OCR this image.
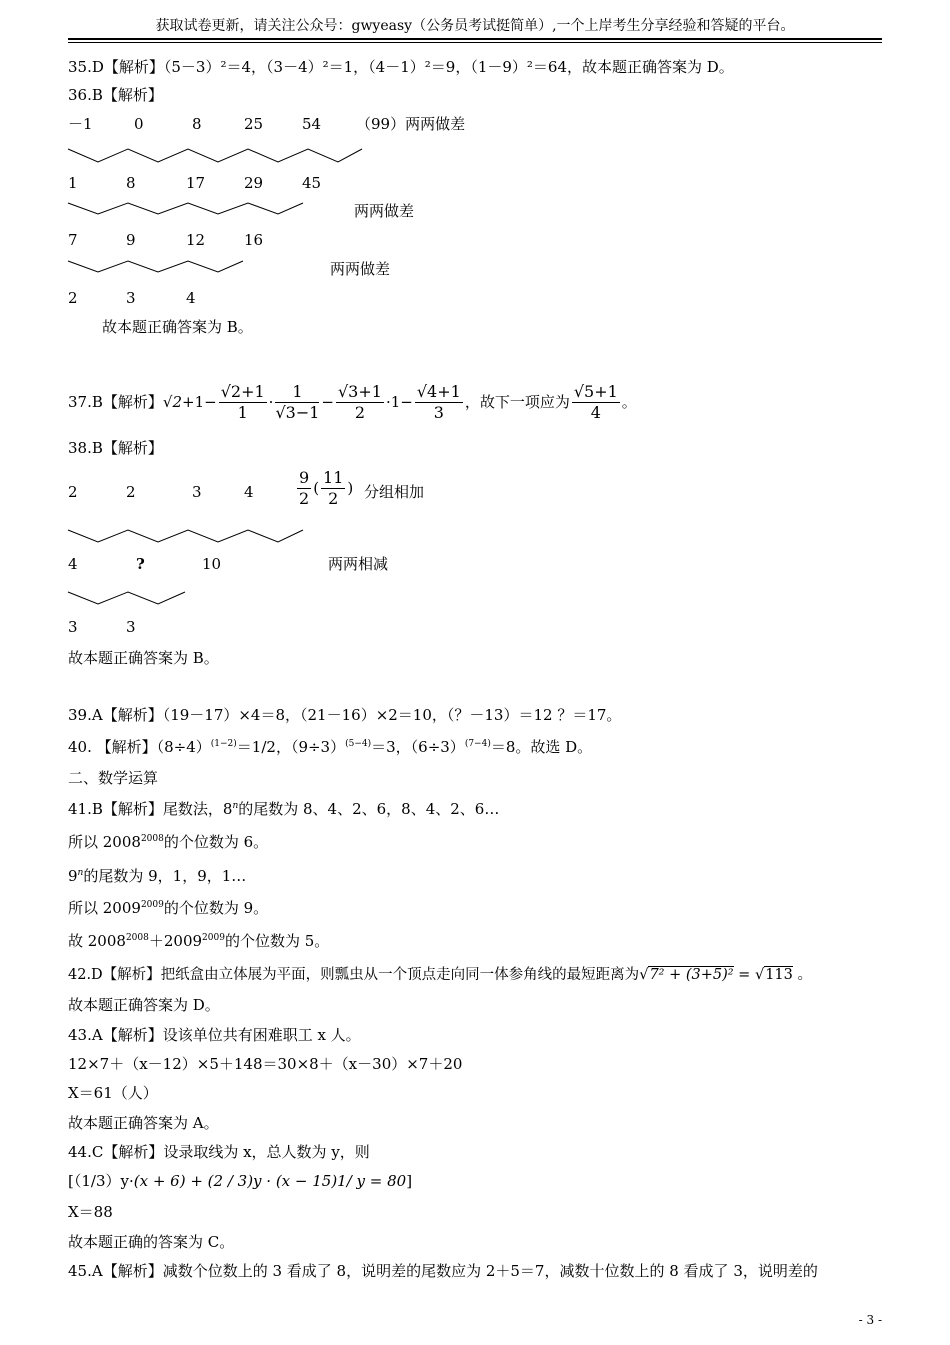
获取试卷更新，请关注公众号：gwyeasy（公务员考试挺简单）,一个上岸考生分享经验和答疑的平台。
35.D【解析】（5－3）²＝4，（3－4）²＝1，（4－1）²＝9，（1－9）²＝64，故本题正确答案为 D。
36.B【解析】
－1	0	8	25	54 （99）两两做差
1	8	17	29	45
两两做差
7	9	12	16
两两做差
2	3	4
故本题正确答案为 B。
37.B【解析】 $√2 +1- \frac{√2+1}{1} \cdot \frac{1}{√3-1} - \frac{√3+1}{2} \cdot 1- \frac{√4+1}{3}$ ，故下一项应为 $\frac{√5+1}{4}$ 。
38.B【解析】
2	2	3	4	$\frac{9}{2}$ ( $\frac{11}{2}$ ) 分组相加
4	?	10	两两相减
3	3
故本题正确答案为 B。
39.A【解析】（19－17）×4＝8，（21－16）×2＝10，（？－13）＝12 ？＝17。
40. 【解析】$(8\div 4)^{(1-2)}=1/2$，$(9\div 3)^{(5-4)}=3$，$(6\div 3)^{(7-4)}=8$。故选 D。
二、数学运算
41.B【解析】尾数法，8$^n$的尾数为 8、4、2、6，8、4、2、6…
所以 $2008^{2008}$的个位数为 6。
9$^n$的尾数为 9，1，9，1…
所以 $2009^{2009}$的个位数为 9。
故 $2008^{2008}+2009^{2009}$的个位数为 5。
42.D【解析】把纸盒由立体展为平面，则瓢虫从一个顶点走向同一体参角线的最短距离为√7² + (3+5)² = √113 。
故本题正确答案为 D。
43.A【解析】设该单位共有困难职工 x 人。
12×7＋（x－12）×5＋148＝30×8＋（x－30）×7＋20
X＝61（人）
故本题正确答案为 A。
44.C【解析】设录取线为 x，总人数为 y，则
[（1/3）y·(x + 6) + (2 / 3)y · (x − 15)1/ y = 80]
X＝88
故本题正确的答案为 C。
45.A【解析】减数个位数上的 3 看成了 8，说明差的尾数应为 2＋5＝7，减数十位数上的 8 看成了 3，说明差的
- 3 -
